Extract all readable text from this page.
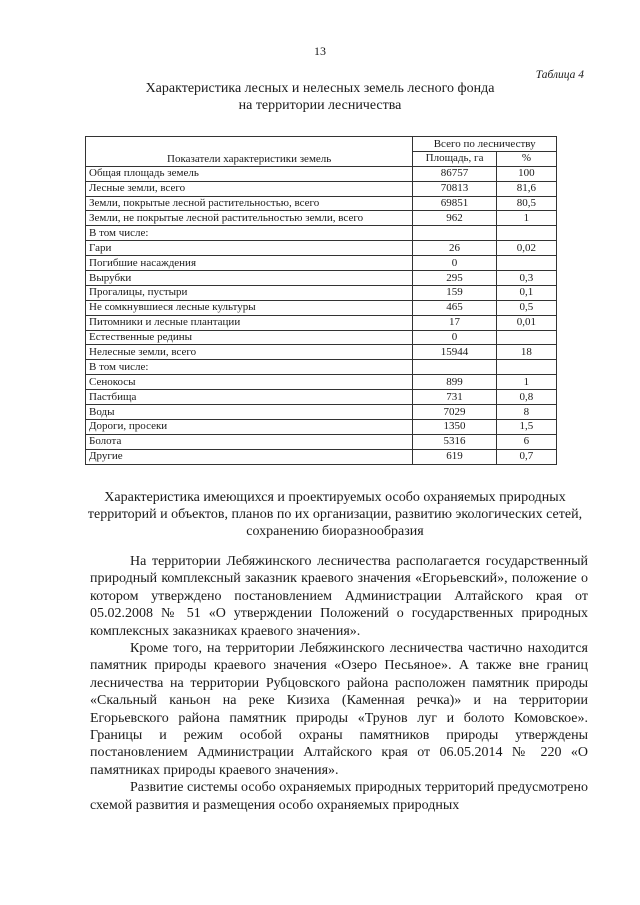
13
Таблица 4
Характеристика лесных и нелесных земель лесного фонда
на территории лесничества
Показатели характеристики земель	Всего по лесничеству	
	Площадь, га	%
Общая площадь земель	86757	100
Лесные земли, всего	70813	81,6
Земли, покрытые лесной растительностью, всего	69851	80,5
Земли, не покрытые лесной растительностью земли, всего	962	1
В том числе:		
Гари	26	0,02
Погибшие насаждения	0	
Вырубки	295	0,3
Прогалицы, пустыри	159	0,1
Не сомкнувшиеся лесные культуры	465	0,5
Питомники и лесные плантации	17	0,01
Естественные редины	0	
Нелесные земли, всего	15944	18
В том числе:		
Сенокосы	899	1
Пастбища	731	0,8
Воды	7029	8
Дороги, просеки	1350	1,5
Болота	5316	6
Другие	619	0,7
Характеристика имеющихся и проектируемых особо охраняемых природных территорий и объектов, планов по их организации, развитию экологических сетей, сохранению биоразнообразия

На территории Лебяжинского лесничества располагается государственный природный комплексный заказник краевого значения «Егорьевский», положение о котором утверждено постановлением Администрации Алтайского края от 05.02.2008 № 51 «О утверждении Положений о государственных природных комплексных заказниках краевого значения».

Кроме того, на территории Лебяжинского лесничества частично находится памятник природы краевого значения «Озеро Песьяное». А также вне границ лесничества на территории Рубцовского района расположен памятник природы «Скальный каньон на реке Кизиха (Каменная речка)» и на территории Егорьевского района памятник природы «Трунов луг и болото Комовское». Границы и режим особой охраны памятников природы утверждены постановлением Администрации Алтайского края от 06.05.2014 № 220 «О памятниках природы краевого значения».

Развитие системы особо охраняемых природных территорий предусмотрено схемой развития и размещения особо охраняемых природных
